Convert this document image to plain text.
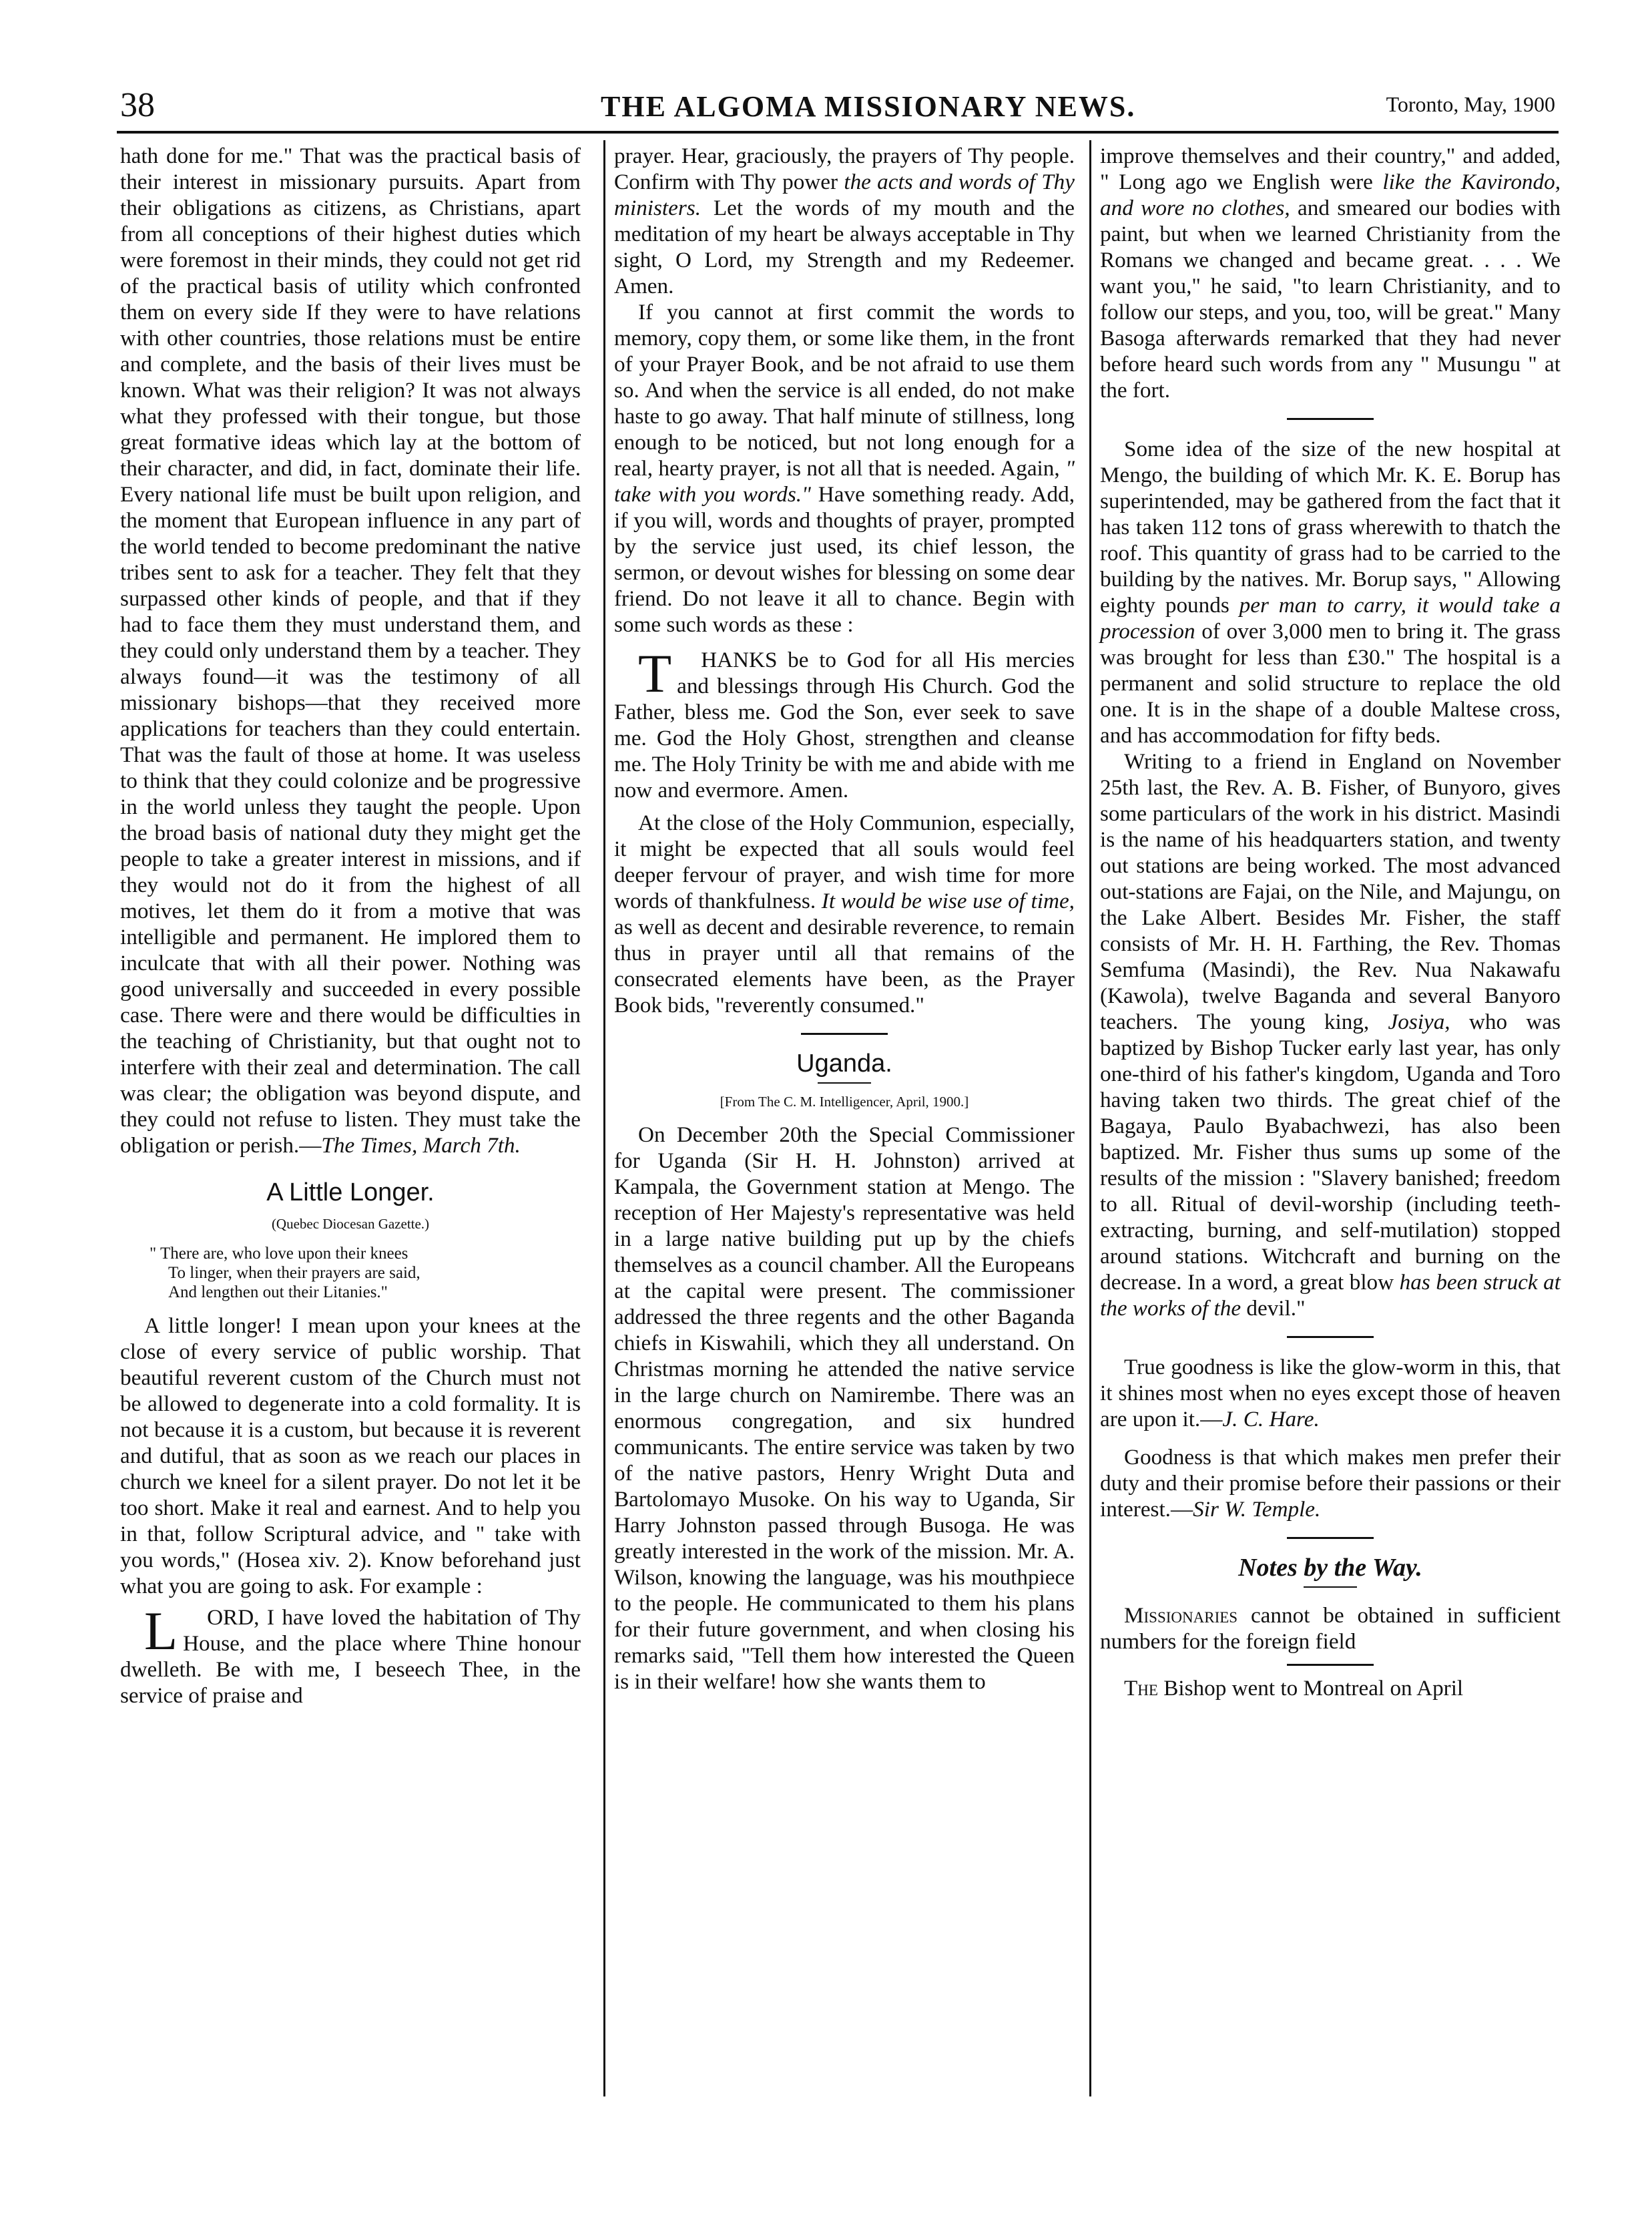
38	THE ALGOMA MISSIONARY NEWS.	Toronto, May, 1900

hath done for me." That was the practical basis of their interest in missionary pursuits. Apart from their obligations as citizens, as Christians, apart from all conceptions of their highest duties which were foremost in their minds, they could not get rid of the practical basis of utility which confronted them on every side If they were to have relations with other countries, those relations must be entire and complete, and the basis of their lives must be known. What was their religion? It was not always what they professed with their tongue, but those great formative ideas which lay at the bottom of their character, and did, in fact, dominate their life. Every national life must be built upon religion, and the moment that European influence in any part of the world tended to become predominant the native tribes sent to ask for a teacher. They felt that they surpassed other kinds of people, and that if they had to face them they must understand them, and they could only understand them by a teacher. They always found—it was the testimony of all missionary bishops—that they received more applications for teachers than they could entertain. That was the fault of those at home. It was useless to think that they could colonize and be progressive in the world unless they taught the people. Upon the broad basis of national duty they might get the people to take a greater interest in missions, and if they would not do it from the highest of all motives, let them do it from a motive that was intelligible and permanent. He implored them to inculcate that with all their power. Nothing was good universally and succeeded in every possible case. There were and there would be difficulties in the teaching of Christianity, but that ought not to interfere with their zeal and determination. The call was clear; the obligation was beyond dispute, and they could not refuse to listen. They must take the obligation or perish.—The Times, March 7th.

A Little Longer.
(Quebec Diocesan Gazette.)
" There are, who love upon their knees
To linger, when their prayers are said,
And lengthen out their Litanies."

A little longer! I mean upon your knees at the close of every service of public worship. That beautiful reverent custom of the Church must not be allowed to degenerate into a cold formality. It is not because it is a custom, but because it is reverent and dutiful, that as soon as we reach our places in church we kneel for a silent prayer. Do not let it be too short. Make it real and earnest. And to help you in that, follow Scriptural advice, and " take with you words," (Hosea xiv. 2). Know beforehand just what you are going to ask. For example :

L ORD, I have loved the habitation of Thy House, and the place where Thine honour dwelleth. Be with me, I beseech Thee, in the service of praise and

prayer. Hear, graciously, the prayers of Thy people. Confirm with Thy power the acts and words of Thy ministers. Let the words of my mouth and the meditation of my heart be always acceptable in Thy sight, O Lord, my Strength and my Redeemer. Amen.

If you cannot at first commit the words to memory, copy them, or some like them, in the front of your Prayer Book, and be not afraid to use them so. And when the service is all ended, do not make haste to go away. That half minute of stillness, long enough to be noticed, but not long enough for a real, hearty prayer, is not all that is needed. Again, " take with you words." Have something ready. Add, if you will, words and thoughts of prayer, prompted by the service just used, its chief lesson, the sermon, or devout wishes for blessing on some dear friend. Do not leave it all to chance. Begin with some such words as these :

T HANKS be to God for all His mercies and blessings through His Church. God the Father, bless me. God the Son, ever seek to save me. God the Holy Ghost, strengthen and cleanse me. The Holy Trinity be with me and abide with me now and evermore. Amen.

At the close of the Holy Communion, especially, it might be expected that all souls would feel deeper fervour of prayer, and wish time for more words of thankfulness. It would be wise use of time, as well as decent and desirable reverence, to remain thus in prayer until all that remains of the consecrated elements have been, as the Prayer Book bids, "reverently consumed."

Uganda.
[From The C. M. Intelligencer, April, 1900.]

On December 20th the Special Commissioner for Uganda (Sir H. H. Johnston) arrived at Kampala, the Government station at Mengo. The reception of Her Majesty's representative was held in a large native building put up by the chiefs themselves as a council chamber. All the Europeans at the capital were present. The commissioner addressed the three regents and the other Baganda chiefs in Kiswahili, which they all understand. On Christmas morning he attended the native service in the large church on Namirembe. There was an enormous congregation, and six hundred communicants. The entire service was taken by two of the native pastors, Henry Wright Duta and Bartolomayo Musoke. On his way to Uganda, Sir Harry Johnston passed through Busoga. He was greatly interested in the work of the mission. Mr. A. Wilson, knowing the language, was his mouthpiece to the people. He communicated to them his plans for their future government, and when closing his remarks said, "Tell them how interested the Queen is in their welfare! how she wants them to

improve themselves and their country," and added, " Long ago we English were like the Kavirondo, and wore no clothes, and smeared our bodies with paint, but when we learned Christianity from the Romans we changed and became great. . . . We want you," he said, "to learn Christianity, and to follow our steps, and you, too, will be great." Many Basoga afterwards remarked that they had never before heard such words from any " Musungu " at the fort.

Some idea of the size of the new hospital at Mengo, the building of which Mr. K. E. Borup has superintended, may be gathered from the fact that it has taken 112 tons of grass wherewith to thatch the roof. This quantity of grass had to be carried to the building by the natives. Mr. Borup says, " Allowing eighty pounds per man to carry, it would take a procession of over 3,000 men to bring it. The grass was brought for less than £30." The hospital is a permanent and solid structure to replace the old one. It is in the shape of a double Maltese cross, and has accommodation for fifty beds.

Writing to a friend in England on November 25th last, the Rev. A. B. Fisher, of Bunyoro, gives some particulars of the work in his district. Masindi is the name of his headquarters station, and twenty out stations are being worked. The most advanced out-stations are Fajai, on the Nile, and Majungu, on the Lake Albert. Besides Mr. Fisher, the staff consists of Mr. H. H. Farthing, the Rev. Thomas Semfuma (Masindi), the Rev. Nua Nakawafu (Kawola), twelve Baganda and several Banyoro teachers. The young king, Josiya, who was baptized by Bishop Tucker early last year, has only one-third of his father's kingdom, Uganda and Toro having taken two thirds. The great chief of the Bagaya, Paulo Byabachwezi, has also been baptized. Mr. Fisher thus sums up some of the results of the mission : "Slavery banished; freedom to all. Ritual of devil-worship (including teeth-extracting, burning, and self-mutilation) stopped around stations. Witchcraft and burning on the decrease. In a word, a great blow has been struck at the works of the devil."

True goodness is like the glow-worm in this, that it shines most when no eyes except those of heaven are upon it.—J. C. Hare.

Goodness is that which makes men prefer their duty and their promise before their passions or their interest.—Sir W. Temple.

Notes by the Way.

Missionaries cannot be obtained in sufficient numbers for the foreign field

The Bishop went to Montreal on April
